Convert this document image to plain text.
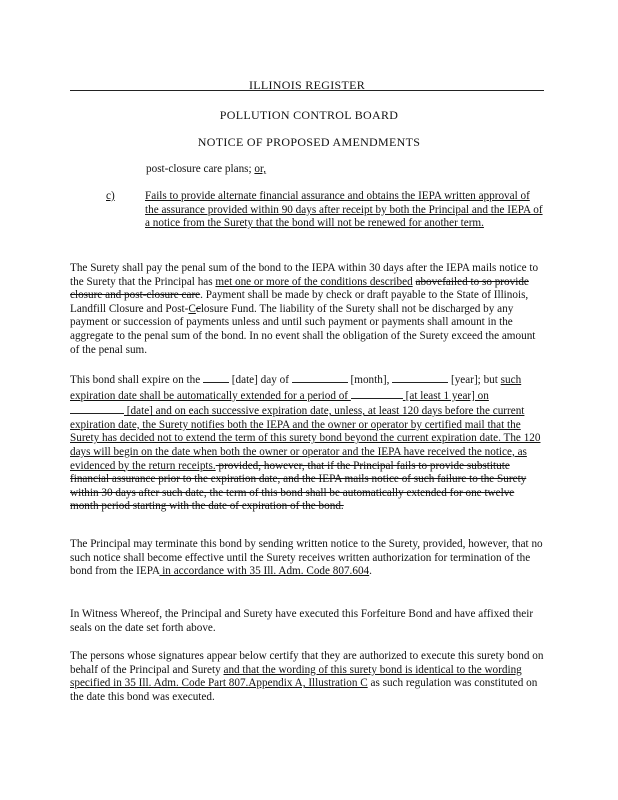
ILLINOIS REGISTER
POLLUTION CONTROL BOARD
NOTICE OF PROPOSED AMENDMENTS
post-closure care plans; or,
c)	Fails to provide alternate financial assurance and obtains the IEPA written approval of the assurance provided within 90 days after receipt by both the Principal and the IEPA of a notice from the Surety that the bond will not be renewed for another term.
The Surety shall pay the penal sum of the bond to the IEPA within 30 days after the IEPA mails notice to the Surety that the Principal has met one or more of the conditions described abovefailed to so provide closure and post-closure care. Payment shall be made by check or draft payable to the State of Illinois, Landfill Closure and Post-Cclosure Fund. The liability of the Surety shall not be discharged by any payment or succession of payments unless and until such payment or payments shall amount in the aggregate to the penal sum of the bond. In no event shall the obligation of the Surety exceed the amount of the penal sum.
This bond shall expire on the  [date] day of	[month],	[year]; but such expiration date shall be automatically extended for a period of	[at least 1 year] on  [date] and on each successive expiration date, unless, at least 120 days before the current expiration date, the Surety notifies both the IEPA and the owner or operator by certified mail that the Surety has decided not to extend the term of this surety bond beyond the current expiration date. The 120 days will begin on the date when both the owner or operator and the IEPA have received the notice, as evidenced by the return receipts. provided, however, that if the Principal fails to provide substitute financial assurance prior to the expiration date, and the IEPA mails notice of such failure to the Surety within 30 days after such date, the term of this bond shall be automatically extended for one twelve month period starting with the date of expiration of the bond.
The Principal may terminate this bond by sending written notice to the Surety, provided, however, that no such notice shall become effective until the Surety receives written authorization for termination of the bond from the IEPA in accordance with 35 Ill. Adm. Code 807.604.
In Witness Whereof, the Principal and Surety have executed this Forfeiture Bond and have affixed their seals on the date set forth above.
The persons whose signatures appear below certify that they are authorized to execute this surety bond on behalf of the Principal and Surety and that the wording of this surety bond is identical to the wording specified in 35 Ill. Adm. Code Part 807.Appendix A, Illustration C as such regulation was constituted on the date this bond was executed.
